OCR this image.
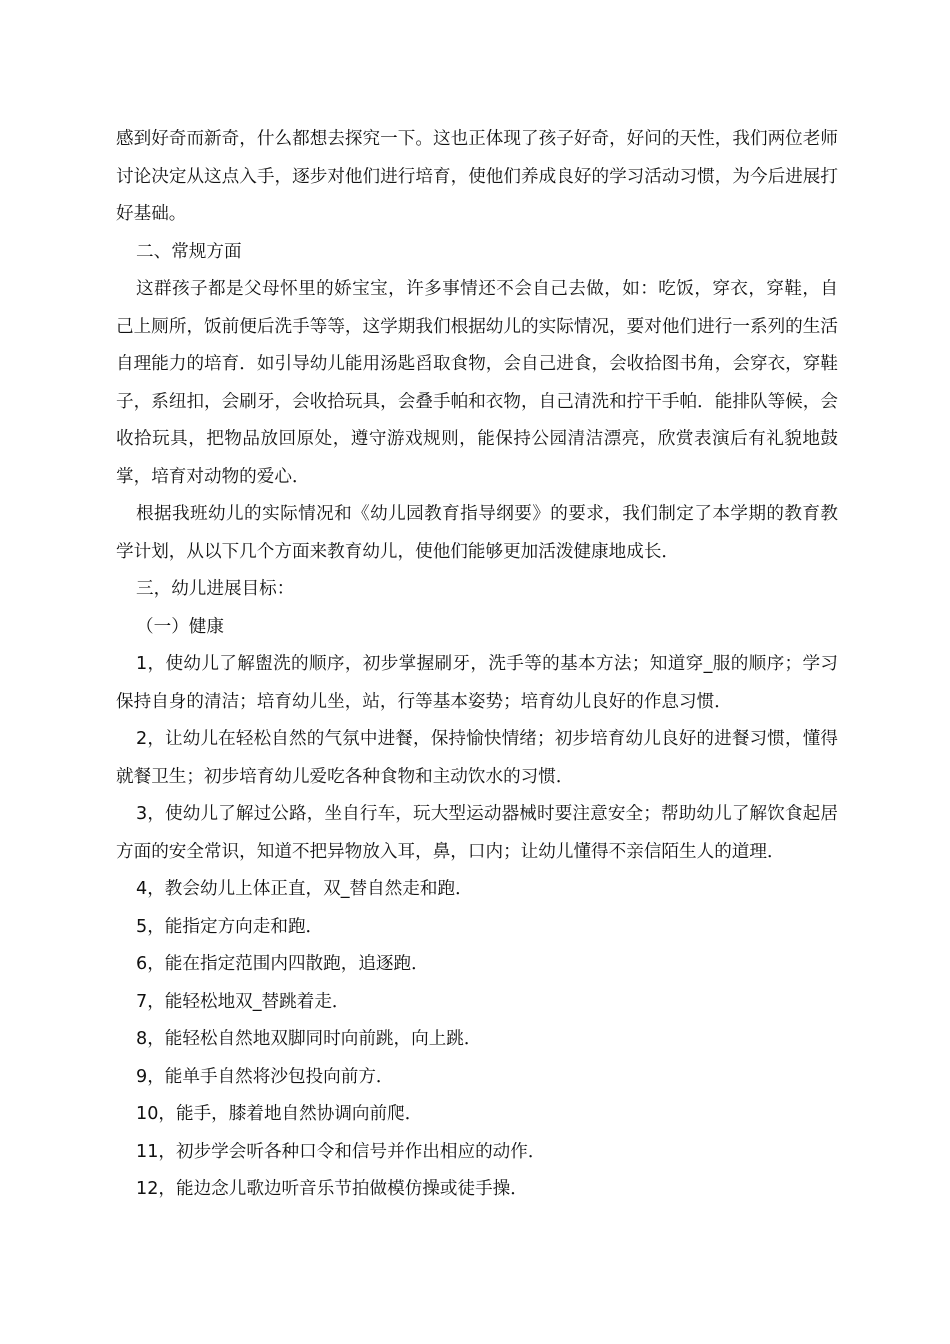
感到好奇而新奇，什么都想去探究一下。这也正体现了孩子好奇，好问的天性，我们两位老师讨论决定从这点入手，逐步对他们进行培育，使他们养成良好的学习活动习惯，为今后进展打好基础。

二、常规方面

这群孩子都是父母怀里的娇宝宝，许多事情还不会自己去做，如：吃饭，穿衣，穿鞋，自己上厕所，饭前便后洗手等等，这学期我们根据幼儿的实际情况，要对他们进行一系列的生活自理能力的培育．如引导幼儿能用汤匙舀取食物，会自己进食，会收拾图书角，会穿衣，穿鞋子，系纽扣，会刷牙，会收拾玩具，会叠手帕和衣物，自己清洗和拧干手帕．能排队等候，会收拾玩具，把物品放回原处，遵守游戏规则，能保持公园清洁漂亮，欣赏表演后有礼貌地鼓掌，培育对动物的爱心．

根据我班幼儿的实际情况和《幼儿园教育指导纲要》的要求，我们制定了本学期的教育教学计划，从以下几个方面来教育幼儿，使他们能够更加活泼健康地成长．

三，幼儿进展目标：

（一）健康

1，使幼儿了解盥洗的顺序，初步掌握刷牙，洗手等的基本方法；知道穿_服的顺序；学习保持自身的清洁；培育幼儿坐，站，行等基本姿势；培育幼儿良好的作息习惯．

2，让幼儿在轻松自然的气氛中进餐，保持愉快情绪；初步培育幼儿良好的进餐习惯，懂得就餐卫生；初步培育幼儿爱吃各种食物和主动饮水的习惯．

3，使幼儿了解过公路，坐自行车，玩大型运动器械时要注意安全；帮助幼儿了解饮食起居方面的安全常识，知道不把异物放入耳，鼻，口内；让幼儿懂得不亲信陌生人的道理．

4，教会幼儿上体正直，双_替自然走和跑．

5，能指定方向走和跑．

6，能在指定范围内四散跑，追逐跑．

7，能轻松地双_替跳着走．

8，能轻松自然地双脚同时向前跳，向上跳．

9，能单手自然将沙包投向前方．

10，能手，膝着地自然协调向前爬．

11，初步学会听各种口令和信号并作出相应的动作．

12，能边念儿歌边听音乐节拍做模仿操或徒手操．
